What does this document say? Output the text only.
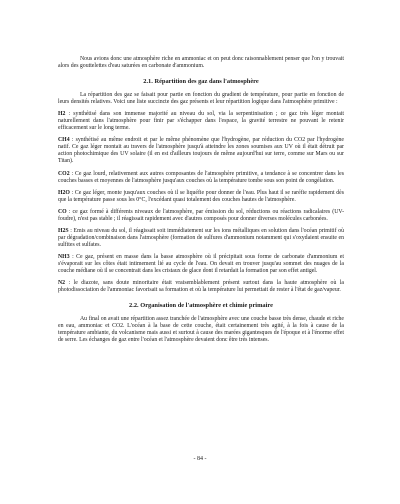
Nous avions donc une atmosphère riche en ammoniac et on peut donc raisonnablement penser que l'on y trouvait alors des gouttelettes d'eau saturées en carbonate d'ammonium.

2.1. Répartition des gaz dans l'atmosphère

La répartition des gaz se faisait pour partie en fonction du gradient de température, pour partie en fonction de leurs densités relatives. Voici une liste succincte des gaz présents et leur répartition logique dans l'atmosphère primitive :

H2 : synthétisé dans son immense majorité au niveau du sol, via la serpentinisation ; ce gaz très léger montait naturellement dans l'atmosphère pour finir par s'échapper dans l'espace, la gravité terrestre ne pouvant le retenir efficacement sur le long terme.

CH4 : synthétisé au même endroit et par le même phénomène que l'hydrogène, par réduction du CO2 par l'hydrogène natif. Ce gaz léger montait au travers de l'atmosphère jusqu'à atteindre les zones soumises aux UV où il était détruit par action photochimique des UV solaire (il en est d'ailleurs toujours de même aujourd'hui sur terre, comme sur Mars ou sur Titan).

CO2 : Ce gaz lourd, relativement aux autres composantes de l'atmosphère primitive, a tendance à se concentrer dans les couches basses et moyennes de l'atmosphère jusqu'aux couches où la température tombe sous son point de congélation.

H2O : Ce gaz léger, monte jusqu'aux couches où il se liquéfie pour donner de l'eau. Plus haut il se raréfie rapidement dès que la température passe sous les 0°C, l'excédant quasi totalement des couches hautes de l'atmosphère.

CO : ce gaz formé à différents niveaux de l'atmosphère, par émission du sol, réductions ou réactions radicalaires (UV-foudre), n'est pas stable ; il réagissait rapidement avec d'autres composés pour donner diverses molécules carbonées.

H2S : Emis au niveau du sol, il réagissait soit immédiatement sur les ions métalliques en solution dans l'océan primitif où par dégradation/combinaison dans l'atmosphère (formation de sulfures d'ammonium notamment qui s'oxydaient ensuite en sulfites et sulfates.

NH3 : Ce gaz, présent en masse dans la basse atmosphère où il précipitait sous forme de carbonate d'ammonium et s'évaporait sur les côtes était intimement lié au cycle de l'eau. On devait en trouver jusqu'au sommet des nuages de la couche médiane où il se concentrait dans les cristaux de glace dont il retardait la formation par son effet antigel.

N2 : le diazote, sans doute minoritaire était vraisemblablement présent surtout dans la haute atmosphère où la photodissociation de l'ammoniac favorisait sa formation et où la température lui permettait de rester à l'état de gaz/vapeur.

2.2. Organisation de l'atmosphère et chimie primaire

Au final on avait une répartition assez tranchée de l'atmosphère avec une couche basse très dense, chaude et riche en eau, ammoniac et CO2. L'océan à la base de cette couche, était certainement très agité, à la fois à cause de la température ambiante, du volcanisme mais aussi et surtout à cause des marées gigantesques de l'époque et à l'énorme effet de serre. Les échanges de gaz entre l'océan et l'atmosphère devaient donc être très intenses.

- 84 -
